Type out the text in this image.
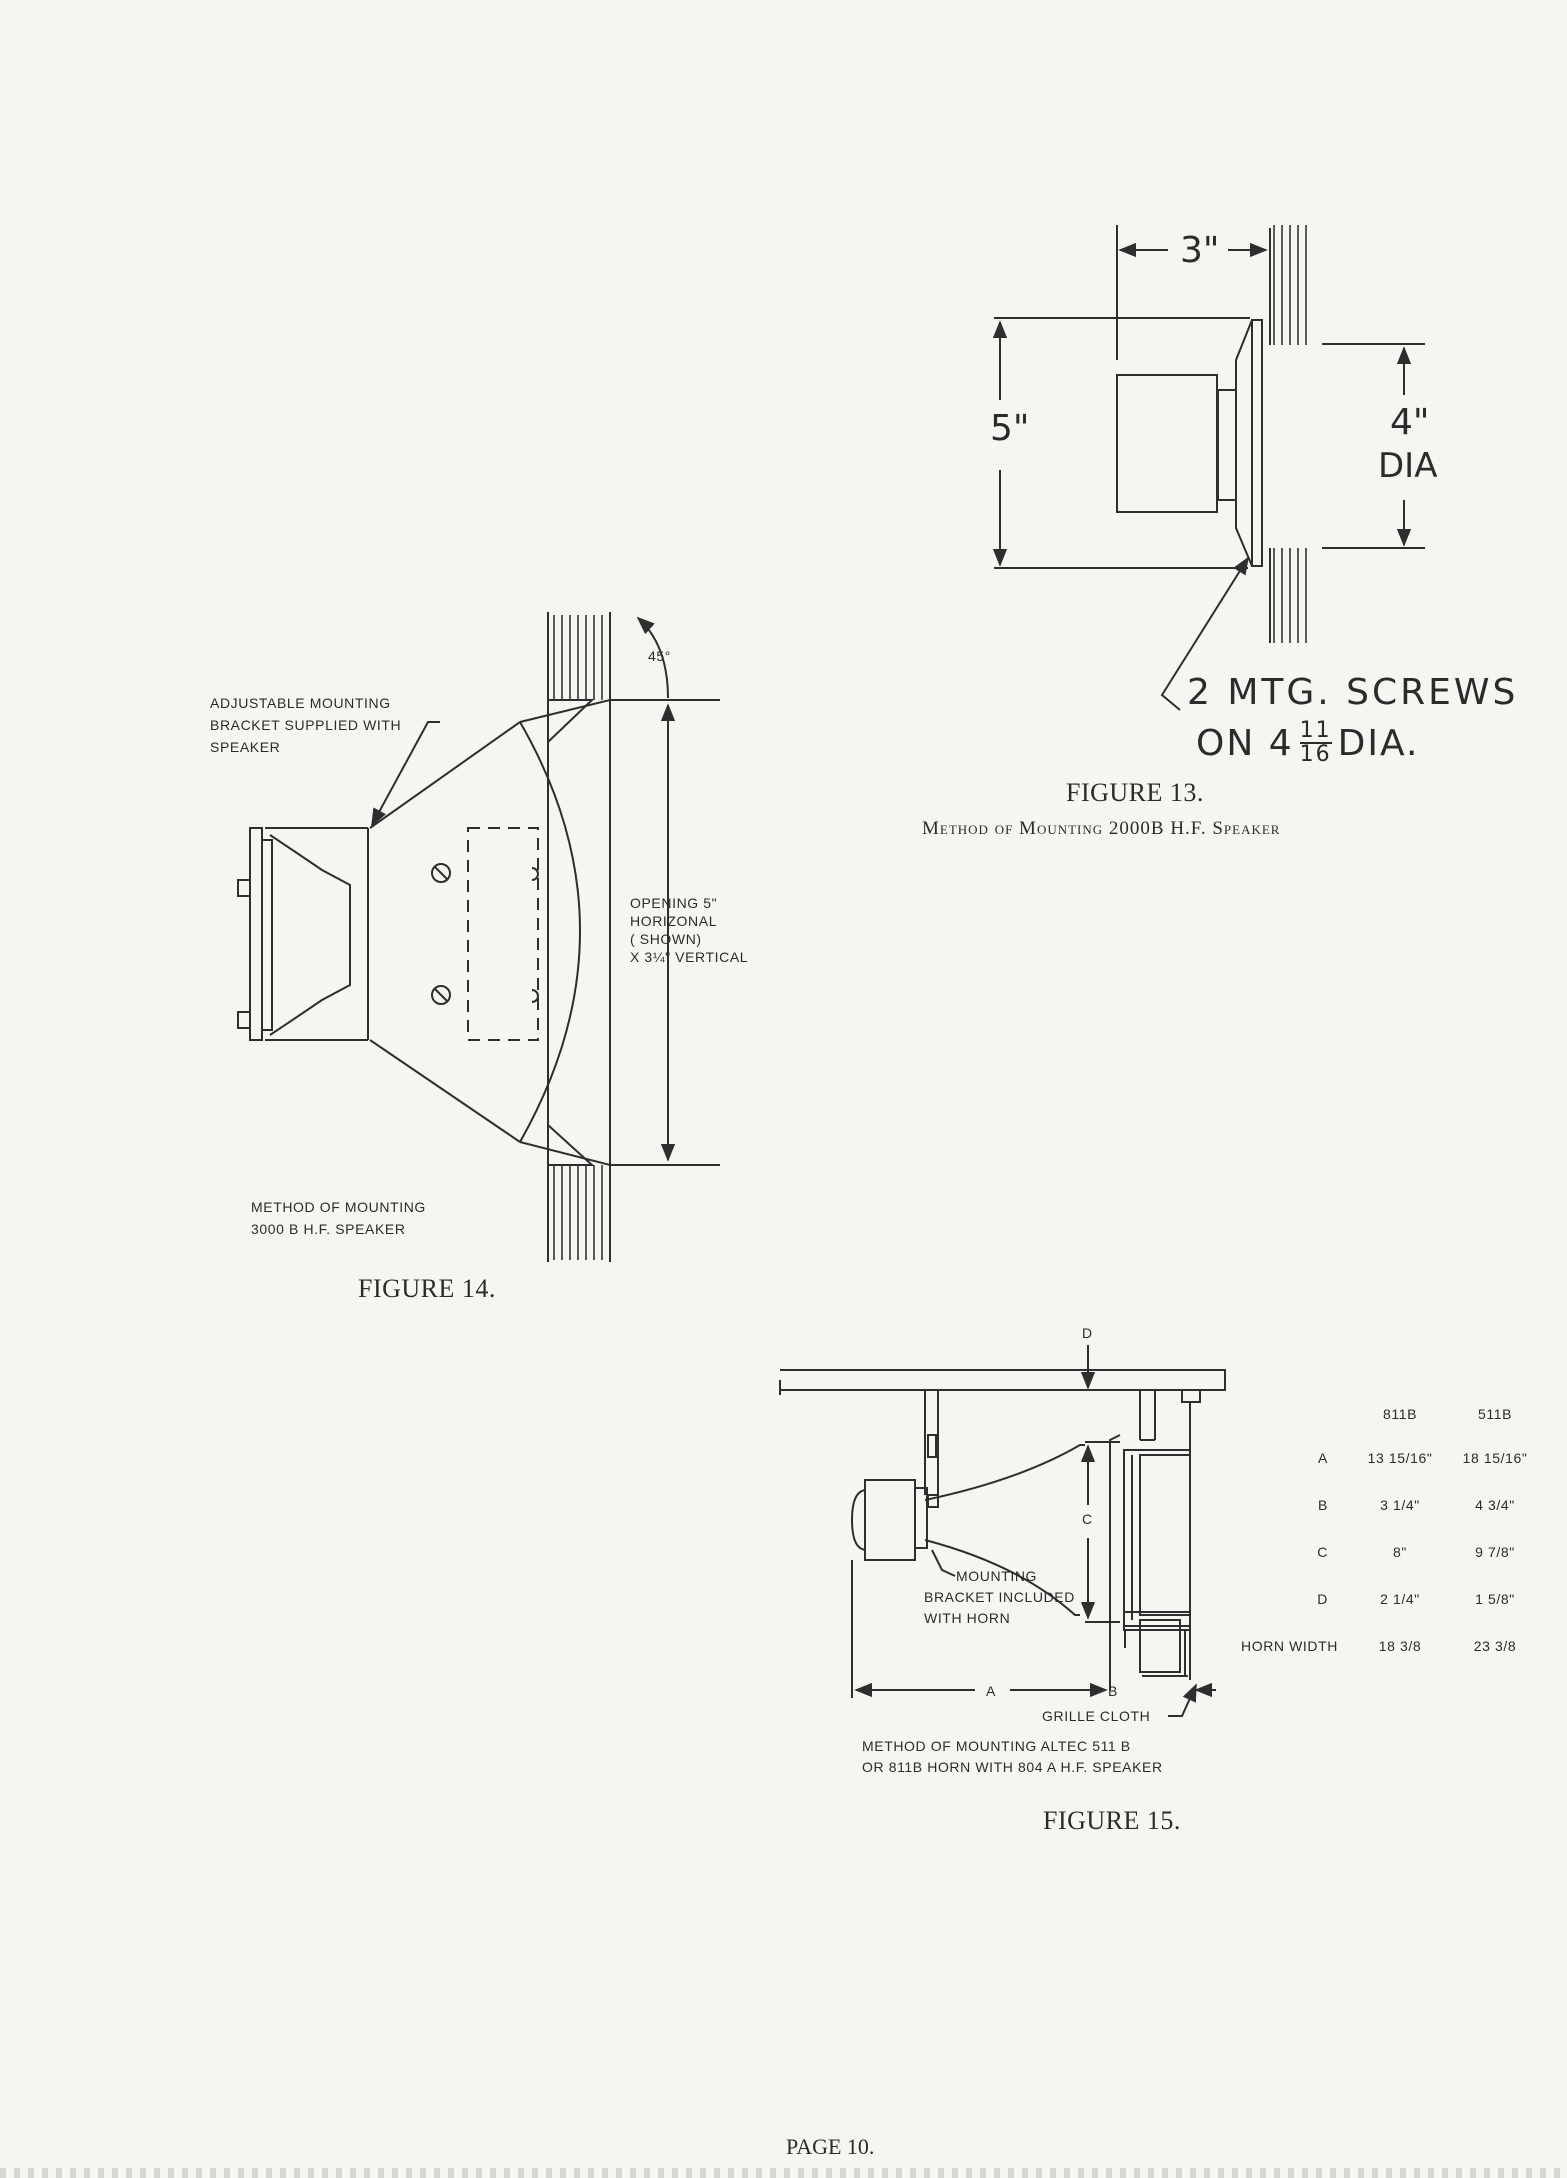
3"
5"	4"
DIA
2 MTG. SCREWS
ON $4 \frac{11}{16}$ DIA.
FIGURE 13.
Method of Mounting 2000B H.F. Speaker
45°
ADJUSTABLE MOUNTING
BRACKET SUPPLIED WITH
SPEAKER
OPENING 5"
HORIZONAL
( SHOWN)
X 3¼" VERTICAL
METHOD OF MOUNTING
3000 B H.F. SPEAKER
FIGURE 14.
D
C
A	B
MOUNTING
BRACKET INCLUDED
WITH HORN
GRILLE CLOTH
METHOD OF MOUNTING ALTEC 511 B
OR 811B HORN WITH 804 A H.F. SPEAKER
FIGURE 15.
	811B	511B
A	13 15/16"	18 15/16"
B	3 1/4"	4 3/4"
C	8"	9 7/8"
D	2 1/4"	1 5/8"
HORN WIDTH	18 3/8	23 3/8
PAGE 10.
